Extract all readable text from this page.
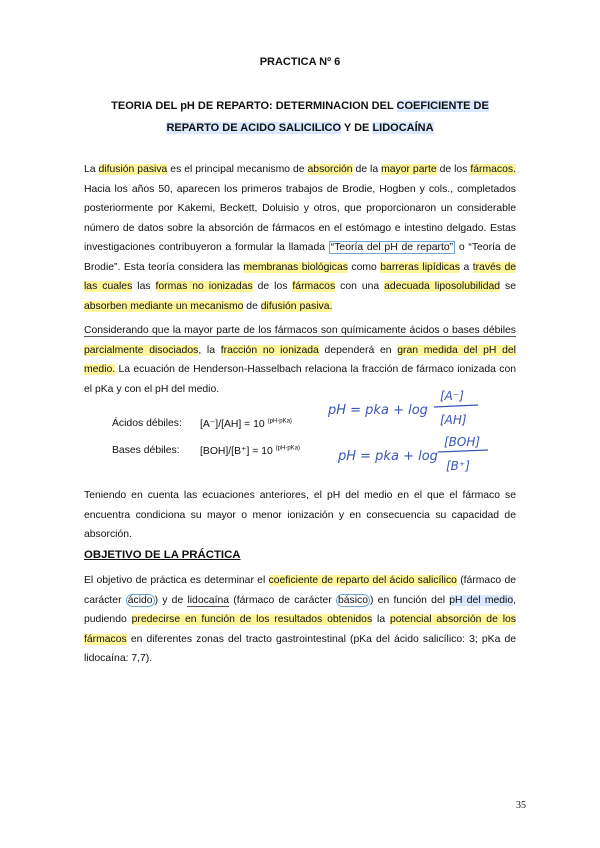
PRACTICA Nº 6
TEORIA DEL pH DE REPARTO: DETERMINACION DEL COEFICIENTE DE
REPARTO DE ACIDO SALICILICO Y DE LIDOCAÍNA
La difusión pasiva es el principal mecanismo de absorción de la mayor parte de los fármacos. Hacia los años 50, aparecen los primeros trabajos de Brodie, Hogben y cols., completados posteriormente por Kakemi, Beckett, Doluisio y otros, que proporcionaron un considerable número de datos sobre la absorción de fármacos en el estómago e intestino delgado. Estas investigaciones contribuyeron a formular la llamada “Teoría del pH de reparto” o “Teoría de Brodie”. Esta teoría considera las membranas biológicas como barreras lipídicas a través de las cuales las formas no ionizadas de los fármacos con una adecuada liposolubilidad se absorben mediante un mecanismo de difusión pasiva.
Considerando que la mayor parte de los fármacos son químicamente ácidos o bases débiles parcialmente disociados, la fracción no ionizada dependerá en gran medida del pH del medio. La ecuación de Henderson-Hasselbach relaciona la fracción de fármaco ionizada con el pKa y con el pH del medio.
Ácidos débiles: [A⁻]/[AH] = 10 $^{(pH-pKa)}$
Bases débiles: [BOH]/[B⁺] = 10 $^{(pH-pKa)}$
pH = pka + log
[A⁻]
[AH]
pH = pka + log
[BOH]
[B⁺]
Teniendo en cuenta las ecuaciones anteriores, el pH del medio en el que el fármaco se encuentra condiciona su mayor o menor ionización y en consecuencia su capacidad de absorción.
OBJETIVO DE LA PRÁCTICA
El objetivo de práctica es determinar el coeficiente de reparto del ácido salicílico (fármaco de carácter ácido ) y de lidocaína (fármaco de carácter básico ) en función del pH del medio, pudiendo predecirse en función de los resultados obtenidos la potencial absorción de los fármacos en diferentes zonas del tracto gastrointestinal (pKa del ácido salicílico: 3; pKa de lidocaína: 7,7).
35
